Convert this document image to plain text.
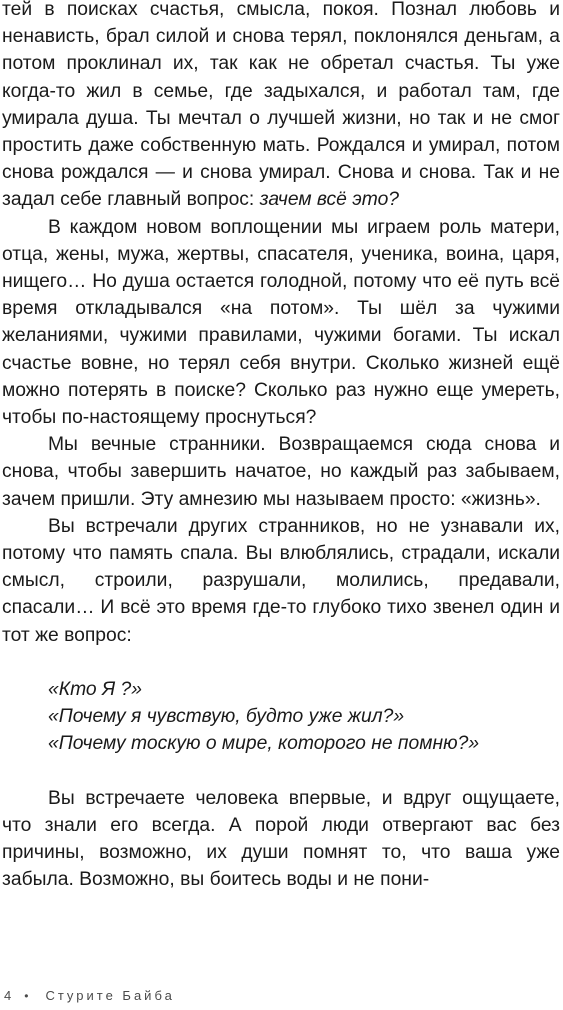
тей в поисках счастья, смысла, покоя. Познал любовь и ненависть, брал силой и снова терял, поклонялся деньгам, а потом проклинал их, так как не обретал счастья. Ты уже когда-то жил в семье, где задыхался, и работал там, где умирала душа. Ты мечтал о лучшей жизни, но так и не смог простить даже собственную мать. Рождался и умирал, потом снова рождался — и снова умирал. Снова и снова. Так и не задал себе главный вопрос: зачем всё это?

В каждом новом воплощении мы играем роль матери, отца, жены, мужа, жертвы, спасателя, ученика, воина, царя, нищего… Но душа остается голодной, потому что её путь всё время откладывался «на потом». Ты шёл за чужими желаниями, чужими правилами, чужими богами. Ты искал счастье вовне, но терял себя внутри. Сколько жизней ещё можно потерять в поиске? Сколько раз нужно еще умереть, чтобы по-настоящему проснуться?

Мы вечные странники. Возвращаемся сюда снова и снова, чтобы завершить начатое, но каждый раз забываем, зачем пришли. Эту амнезию мы называем просто: «жизнь».

Вы встречали других странников, но не узнавали их, потому что память спала. Вы влюблялись, страдали, искали смысл, строили, разрушали, молились, предавали, спасали… И всё это время где-то глубоко тихо звенел один и тот же вопрос:

«Кто Я ?»

«Почему я чувствую, будто уже жил?»

«Почему тоскую о мире, которого не помню?»

Вы встречаете человека впервые, и вдруг ощущаете, что знали его всегда. А порой люди отвергают вас без причины, возможно, их души помнят то, что ваша уже забыла. Возможно, вы боитесь воды и не пони-

4 • Стурите Байба
